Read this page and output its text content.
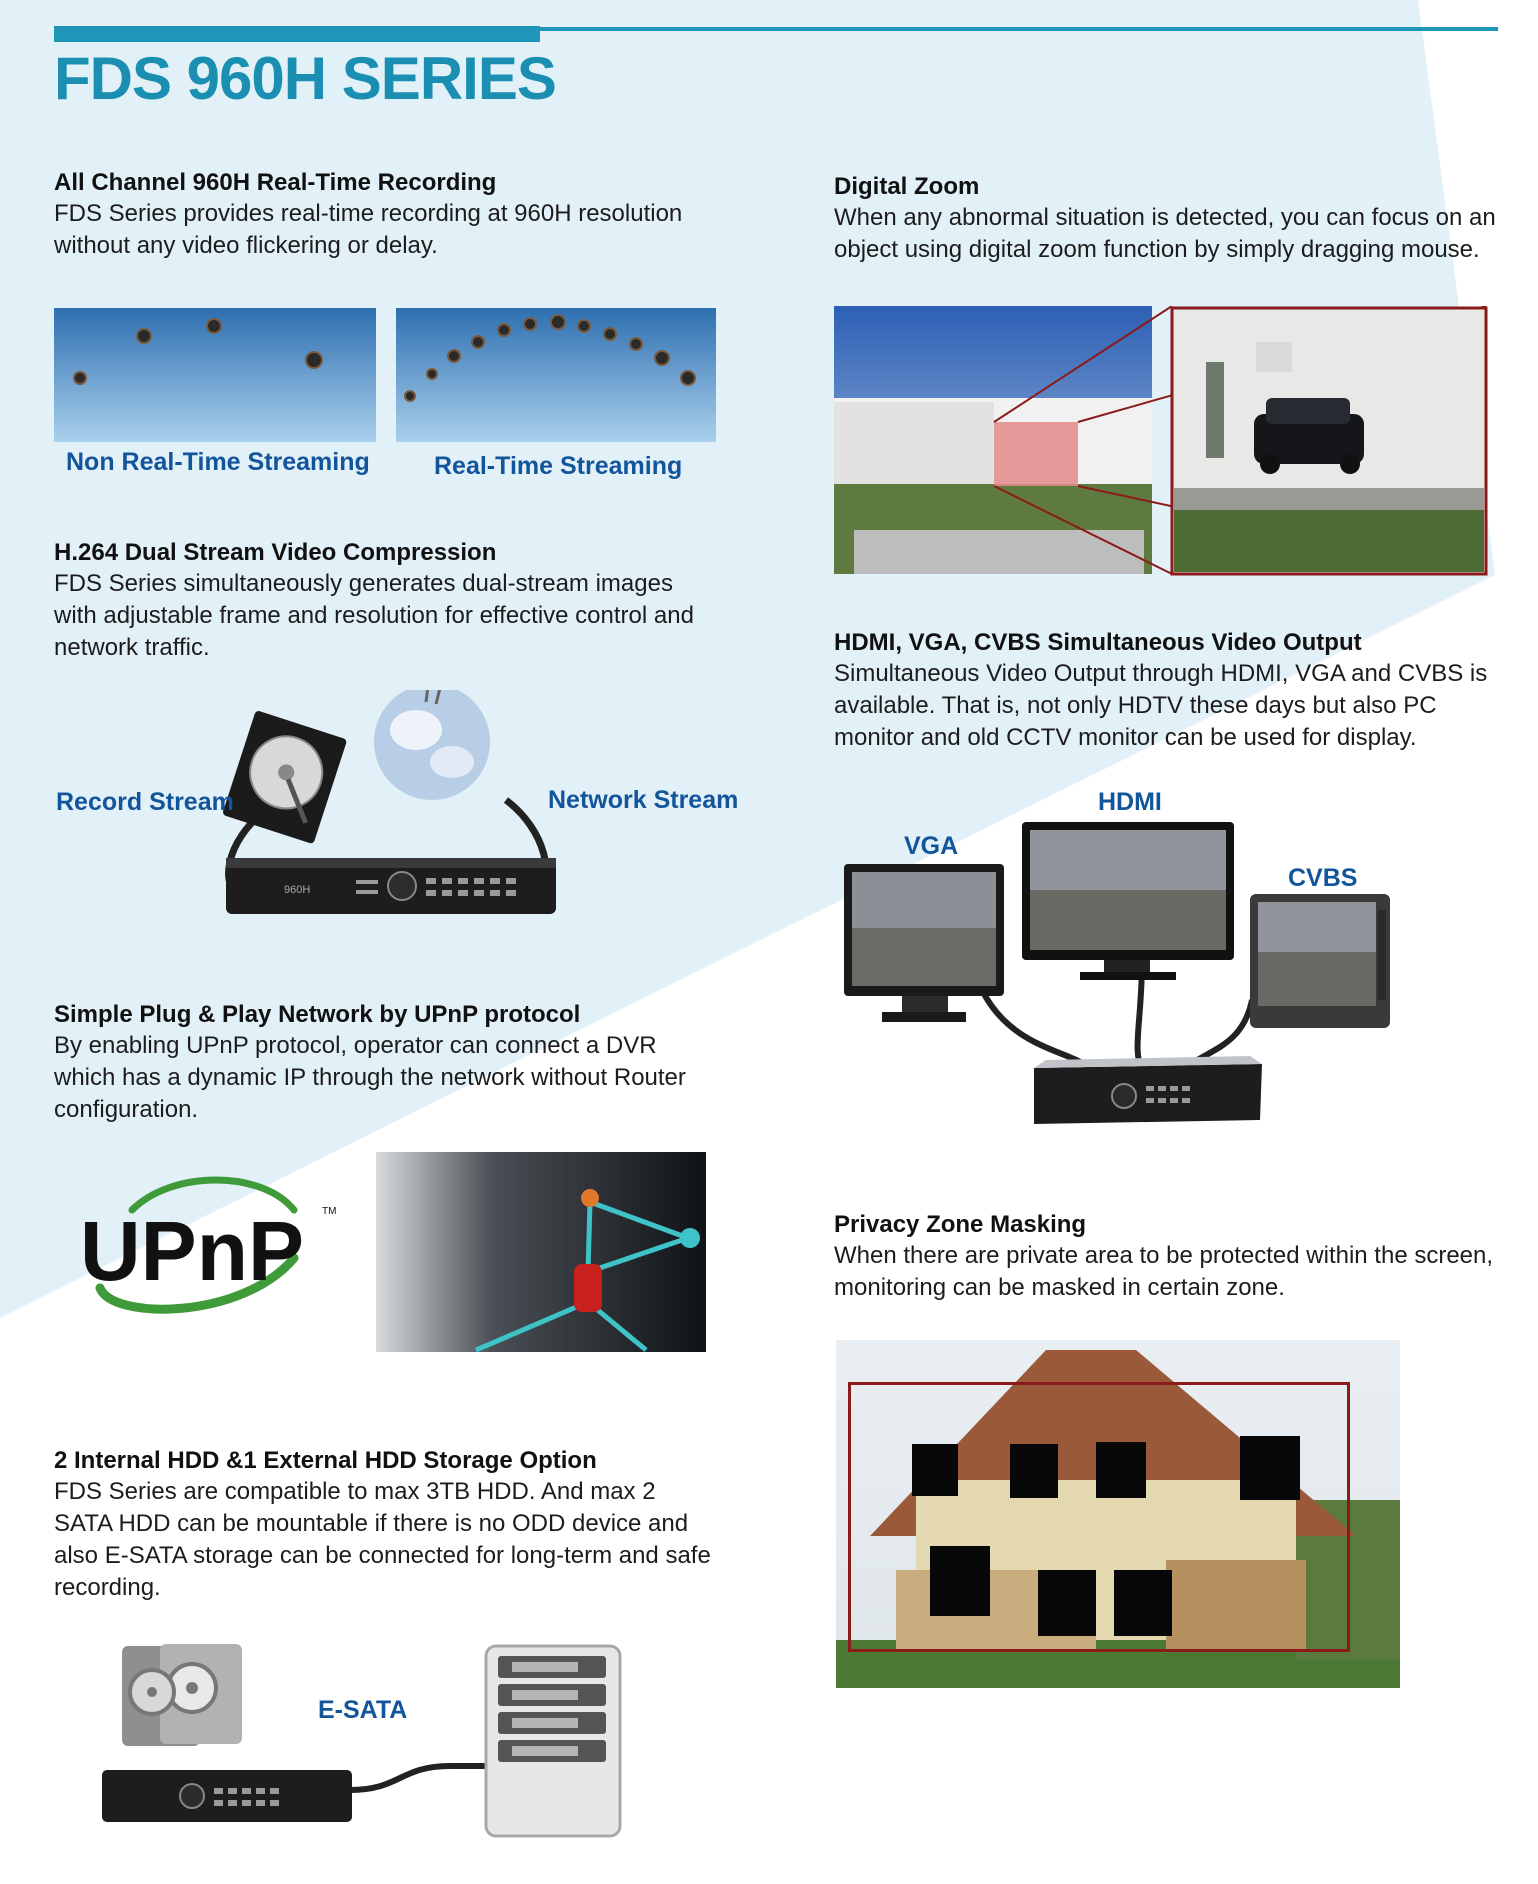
FDS 960H SERIES
All Channel 960H Real-Time Recording
FDS Series provides real-time recording at 960H resolution without any video flickering or delay.
Non Real-Time Streaming	Real-Time Streaming
H.264 Dual Stream Video Compression
FDS Series simultaneously generates dual-stream images with adjustable frame and resolution for effective control and network traffic.
960H
Record Stream	Network Stream
Simple Plug & Play Network by UPnP protocol
By enabling UPnP protocol, operator can connect a DVR which has a dynamic IP through the network without Router configuration.
UPnP TM
2 Internal HDD &1 External HDD Storage Option
FDS Series are compatible to max 3TB HDD. And max 2 SATA HDD can be mountable if there is no ODD device and also E-SATA storage can be connected for long-term and safe recording.
E-SATA
Digital Zoom
When any abnormal situation is detected, you can focus on an object using digital zoom function by simply dragging mouse.
HDMI, VGA, CVBS Simultaneous Video Output
Simultaneous Video Output through HDMI, VGA and CVBS is available. That is, not only HDTV these days but also PC monitor and old CCTV monitor can be used for display.
VGA
HDMI
CVBS
Privacy Zone Masking
When there are private area to be protected within the screen, monitoring can be masked in certain zone.
